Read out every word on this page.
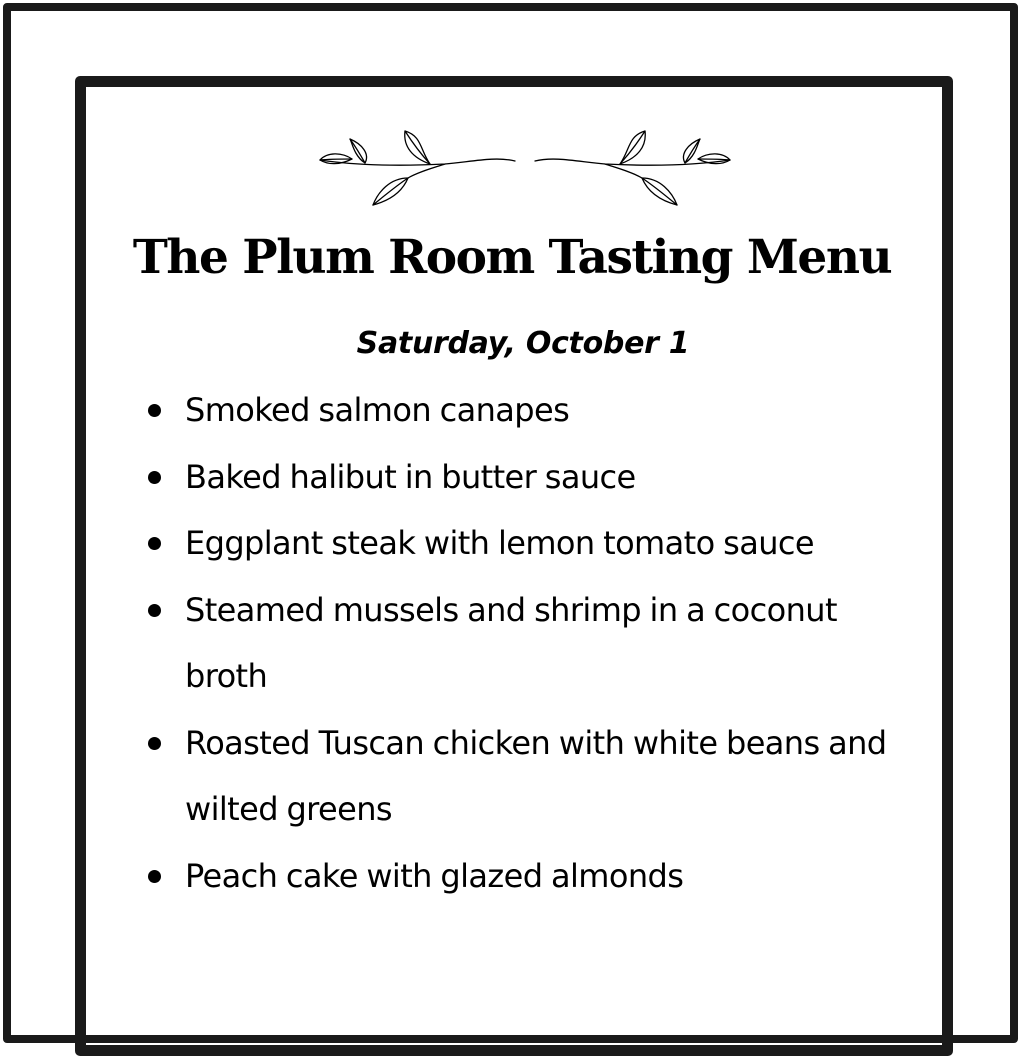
The Plum Room Tasting Menu
Saturday, October 1
Smoked salmon canapes
Baked halibut in butter sauce
Eggplant steak with lemon tomato sauce
Steamed mussels and shrimp in a coconut broth
Roasted Tuscan chicken with white beans and wilted greens
Peach cake with glazed almonds
